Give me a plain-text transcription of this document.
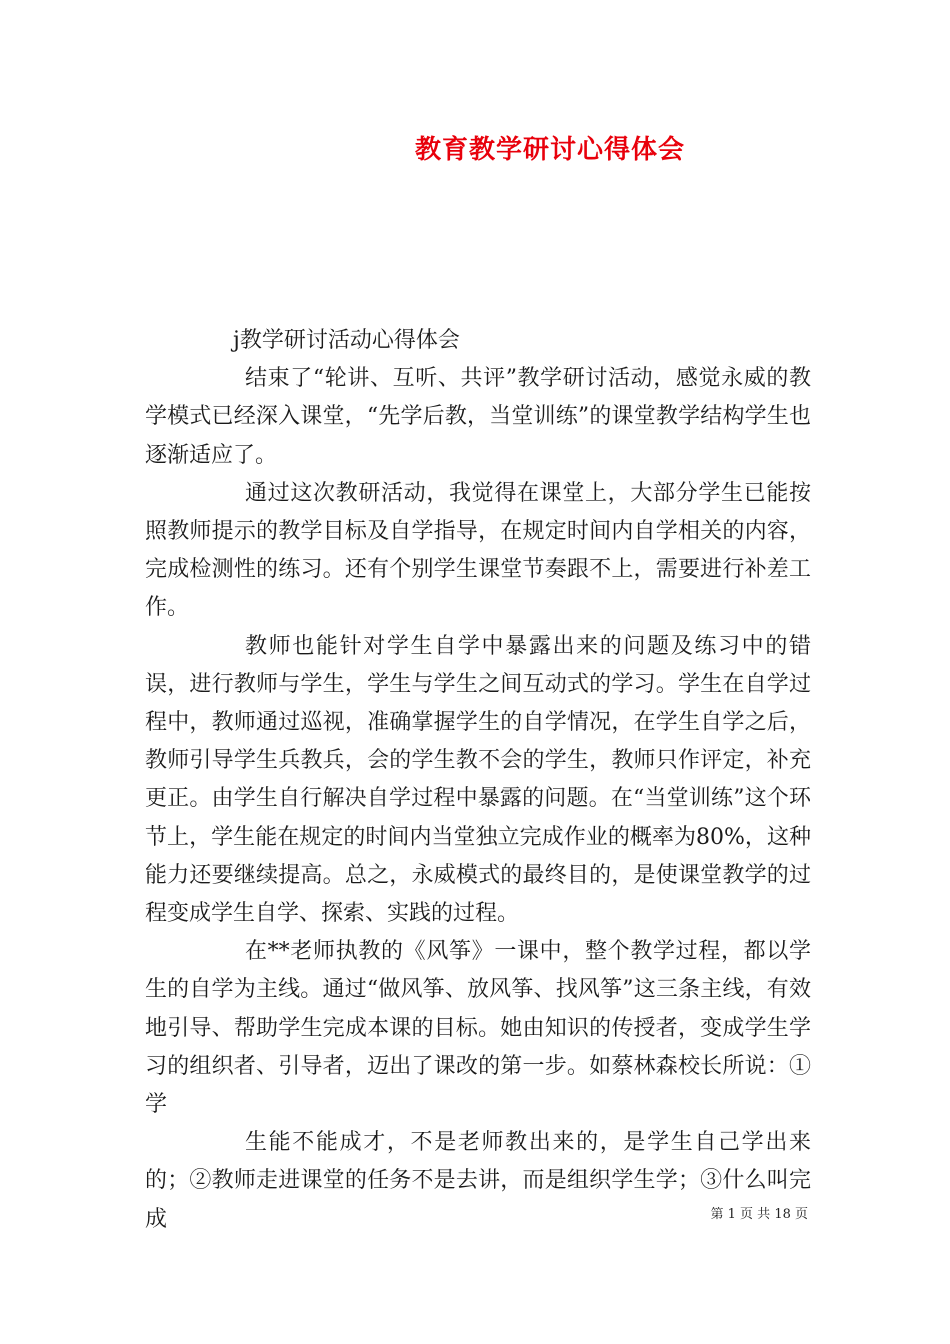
教育教学研讨心得体会

j教学研讨活动心得体会

结束了“轮讲、互听、共评”教学研讨活动，感觉永威的教学模式已经深入课堂，“先学后教，当堂训练”的课堂教学结构学生也逐渐适应了。

通过这次教研活动，我觉得在课堂上，大部分学生已能按照教师提示的教学目标及自学指导，在规定时间内自学相关的内容，完成检测性的练习。还有个别学生课堂节奏跟不上，需要进行补差工作。

教师也能针对学生自学中暴露出来的问题及练习中的错误，进行教师与学生，学生与学生之间互动式的学习。学生在自学过程中，教师通过巡视，准确掌握学生的自学情况，在学生自学之后，教师引导学生兵教兵，会的学生教不会的学生，教师只作评定，补充更正。由学生自行解决自学过程中暴露的问题。在“当堂训练”这个环节上，学生能在规定的时间内当堂独立完成作业的概率为80%，这种能力还要继续提高。总之，永威模式的最终目的，是使课堂教学的过程变成学生自学、探索、实践的过程。

在**老师执教的《风筝》一课中，整个教学过程，都以学生的自学为主线。通过“做风筝、放风筝、找风筝”这三条主线，有效地引导、帮助学生完成本课的目标。她由知识的传授者，变成学生学习的组织者、引导者，迈出了课改的第一步。如蔡林森校长所说：①学

生能不能成才，不是老师教出来的，是学生自己学出来的；②教师走进课堂的任务不是去讲，而是组织学生学；③什么叫完成	第 1 页 共 18 页
